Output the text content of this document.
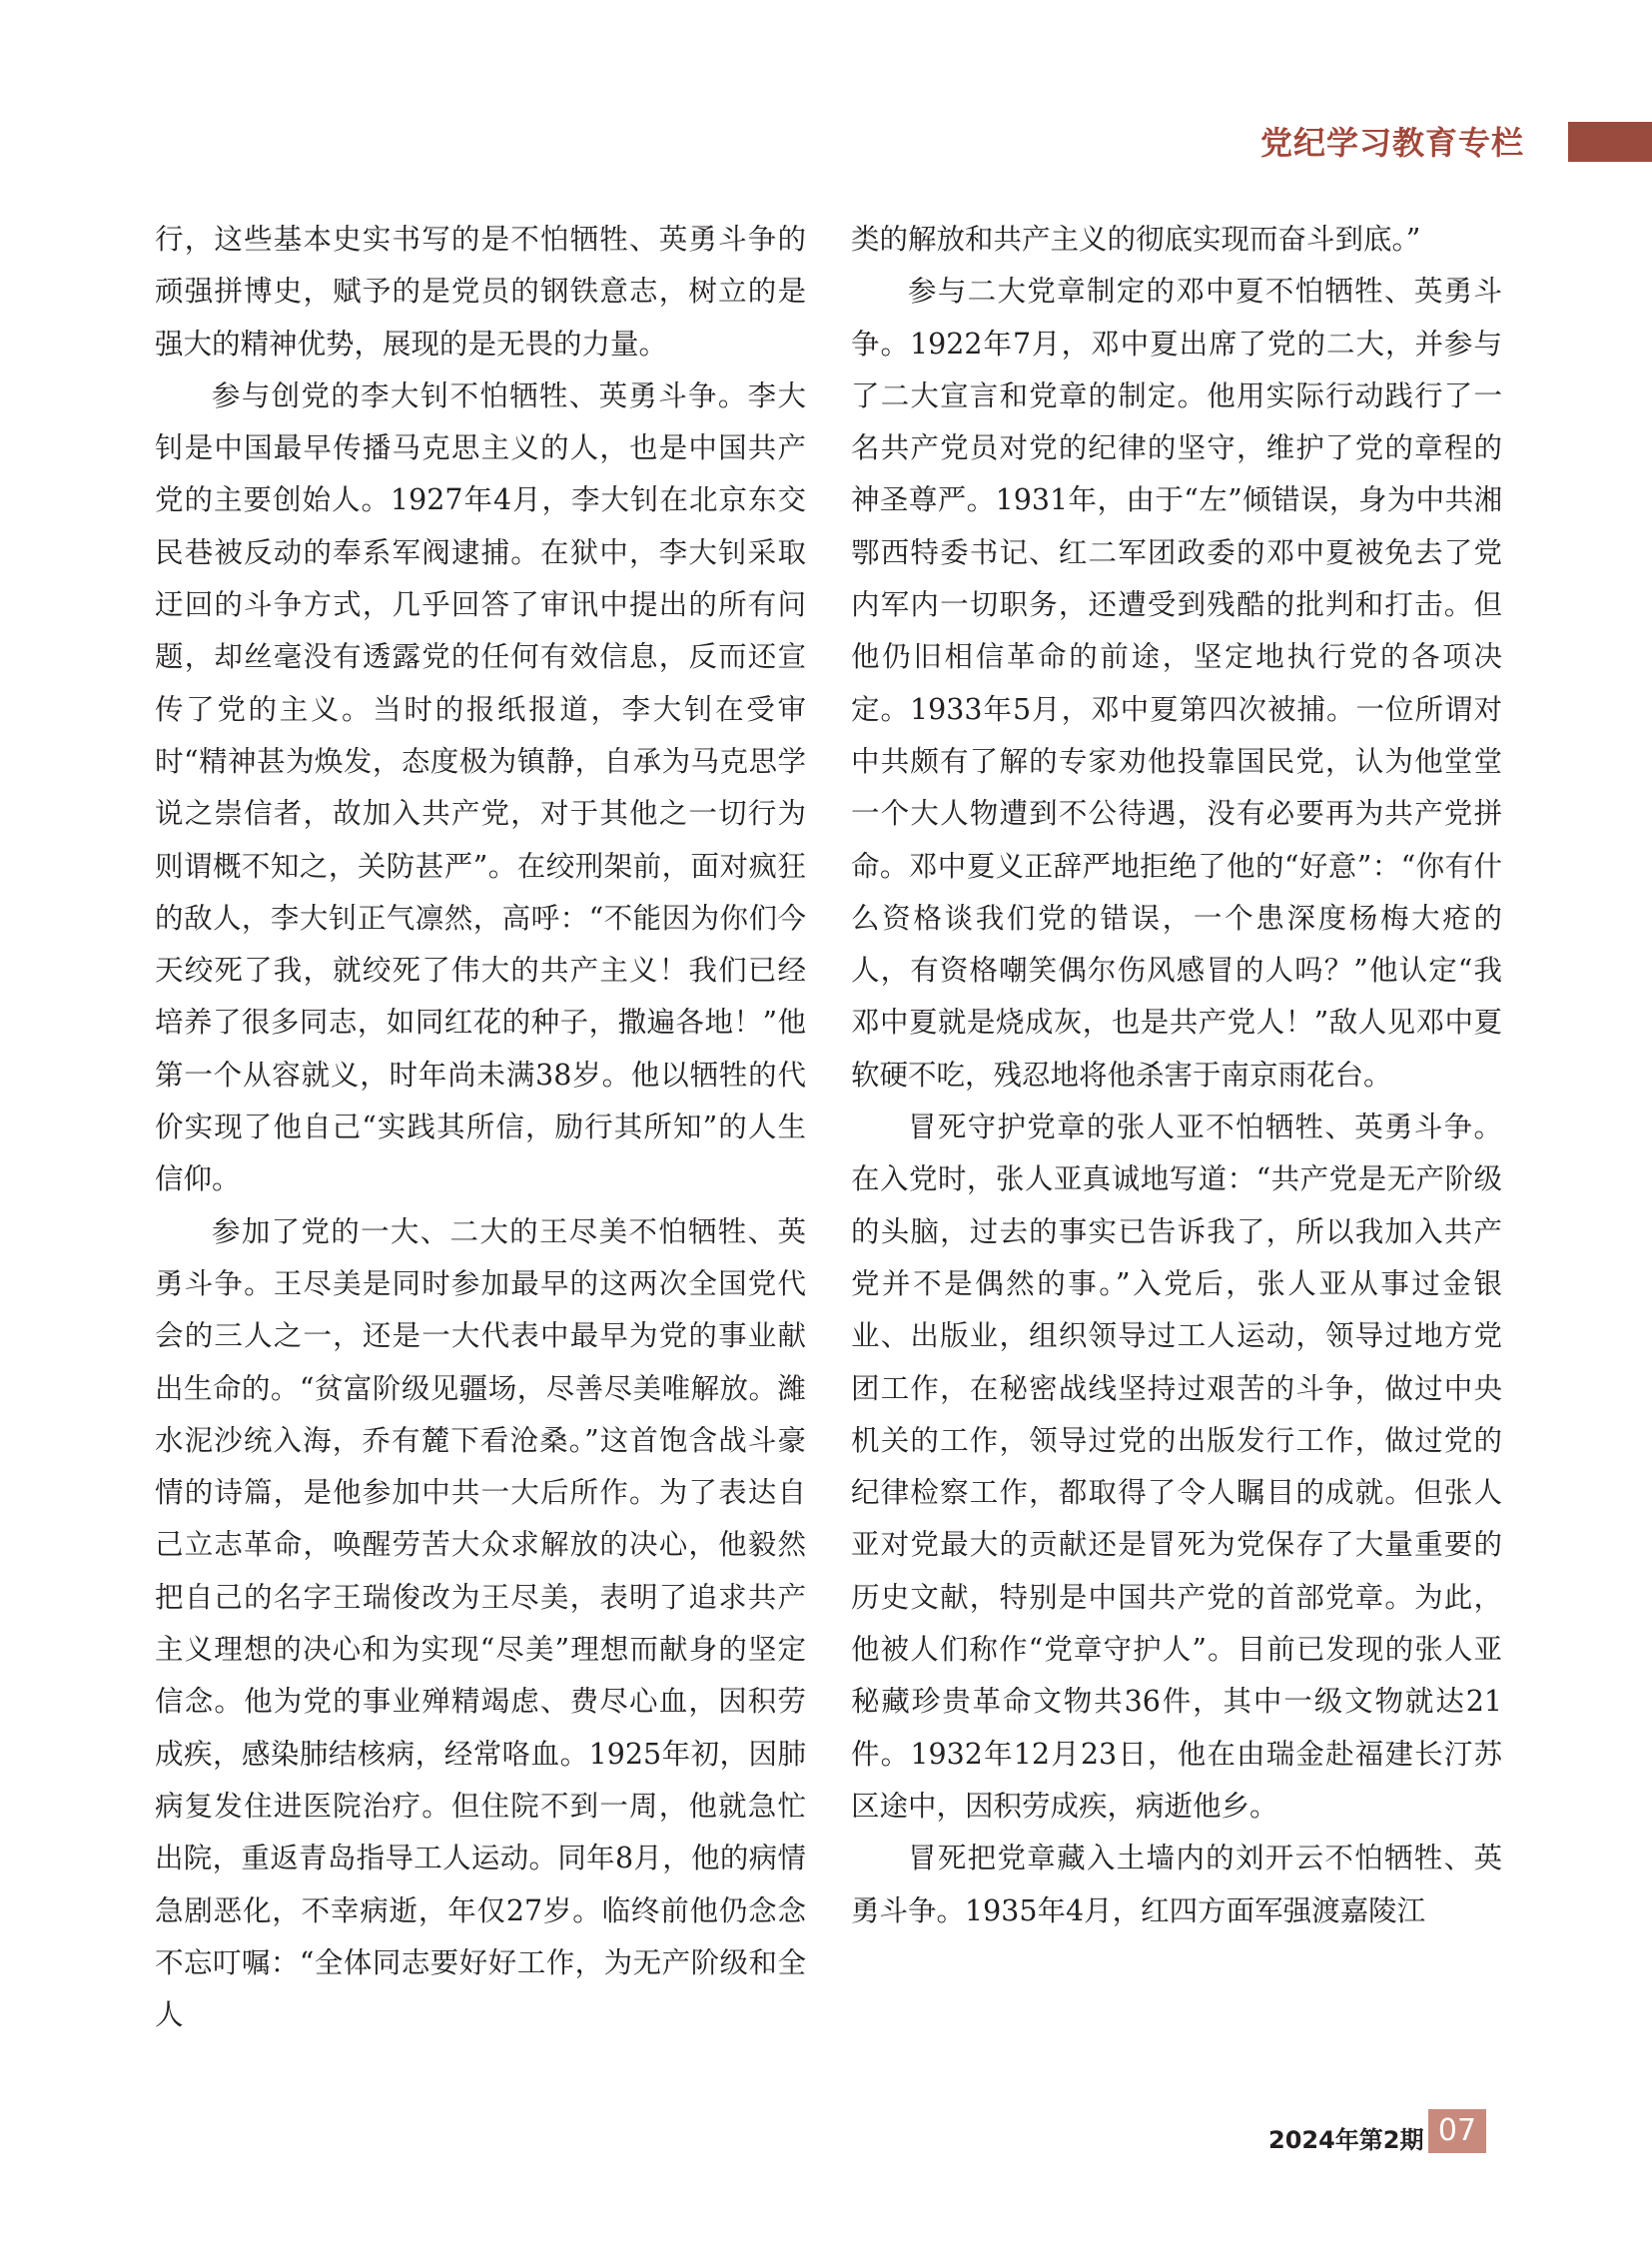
党纪学习教育专栏

行，这些基本史实书写的是不怕牺牲、英勇斗争的顽强拼博史，赋予的是党员的钢铁意志，树立的是强大的精神优势，展现的是无畏的力量。

参与创党的李大钊不怕牺牲、英勇斗争。李大钊是中国最早传播马克思主义的人，也是中国共产党的主要创始人。1927年4月，李大钊在北京东交民巷被反动的奉系军阀逮捕。在狱中，李大钊采取迂回的斗争方式，几乎回答了审讯中提出的所有问题，却丝毫没有透露党的任何有效信息，反而还宣传了党的主义。当时的报纸报道，李大钊在受审时“精神甚为焕发，态度极为镇静，自承为马克思学说之崇信者，故加入共产党，对于其他之一切行为则谓概不知之，关防甚严”。在绞刑架前，面对疯狂的敌人，李大钊正气凛然，高呼：“不能因为你们今天绞死了我，就绞死了伟大的共产主义！我们已经培养了很多同志，如同红花的种子，撒遍各地！”他第一个从容就义，时年尚未满38岁。他以牺牲的代价实现了他自己“实践其所信，励行其所知”的人生信仰。

参加了党的一大、二大的王尽美不怕牺牲、英勇斗争。王尽美是同时参加最早的这两次全国党代会的三人之一，还是一大代表中最早为党的事业献出生命的。“贫富阶级见疆场，尽善尽美唯解放。濰水泥沙统入海，乔有麓下看沧桑。”这首饱含战斗豪情的诗篇，是他参加中共一大后所作。为了表达自己立志革命，唤醒劳苦大众求解放的决心，他毅然把自己的名字王瑞俊改为王尽美，表明了追求共产主义理想的决心和为实现“尽美”理想而献身的坚定信念。他为党的事业殚精竭虑、费尽心血，因积劳成疾，感染肺结核病，经常咯血。1925年初，因肺病复发住进医院治疗。但住院不到一周，他就急忙出院，重返青岛指导工人运动。同年8月，他的病情急剧恶化，不幸病逝，年仅27岁。临终前他仍念念不忘叮嘱：“全体同志要好好工作，为无产阶级和全人

类的解放和共产主义的彻底实现而奋斗到底。”

参与二大党章制定的邓中夏不怕牺牲、英勇斗争。1922年7月，邓中夏出席了党的二大，并参与了二大宣言和党章的制定。他用实际行动践行了一名共产党员对党的纪律的坚守，维护了党的章程的神圣尊严。1931年，由于“左”倾错误，身为中共湘鄂西特委书记、红二军团政委的邓中夏被免去了党内军内一切职务，还遭受到残酷的批判和打击。但他仍旧相信革命的前途，坚定地执行党的各项决定。1933年5月，邓中夏第四次被捕。一位所谓对中共颇有了解的专家劝他投靠国民党，认为他堂堂一个大人物遭到不公待遇，没有必要再为共产党拼命。邓中夏义正辞严地拒绝了他的“好意”：“你有什么资格谈我们党的错误，一个患深度杨梅大疮的人，有资格嘲笑偶尔伤风感冒的人吗？”他认定“我邓中夏就是烧成灰，也是共产党人！”敌人见邓中夏软硬不吃，残忍地将他杀害于南京雨花台。

冒死守护党章的张人亚不怕牺牲、英勇斗争。在入党时，张人亚真诚地写道：“共产党是无产阶级的头脑，过去的事实已告诉我了，所以我加入共产党并不是偶然的事。”入党后，张人亚从事过金银业、出版业，组织领导过工人运动，领导过地方党团工作，在秘密战线坚持过艰苦的斗争，做过中央机关的工作，领导过党的出版发行工作，做过党的纪律检察工作，都取得了令人瞩目的成就。但张人亚对党最大的贡献还是冒死为党保存了大量重要的历史文献，特别是中国共产党的首部党章。为此，他被人们称作“党章守护人”。目前已发现的张人亚秘藏珍贵革命文物共36件，其中一级文物就达21件。1932年12月23日，他在由瑞金赴福建长汀苏区途中，因积劳成疾，病逝他乡。

冒死把党章藏入土墙内的刘开云不怕牺牲、英勇斗争。1935年4月，红四方面军强渡嘉陵江

2024年第2期 07
